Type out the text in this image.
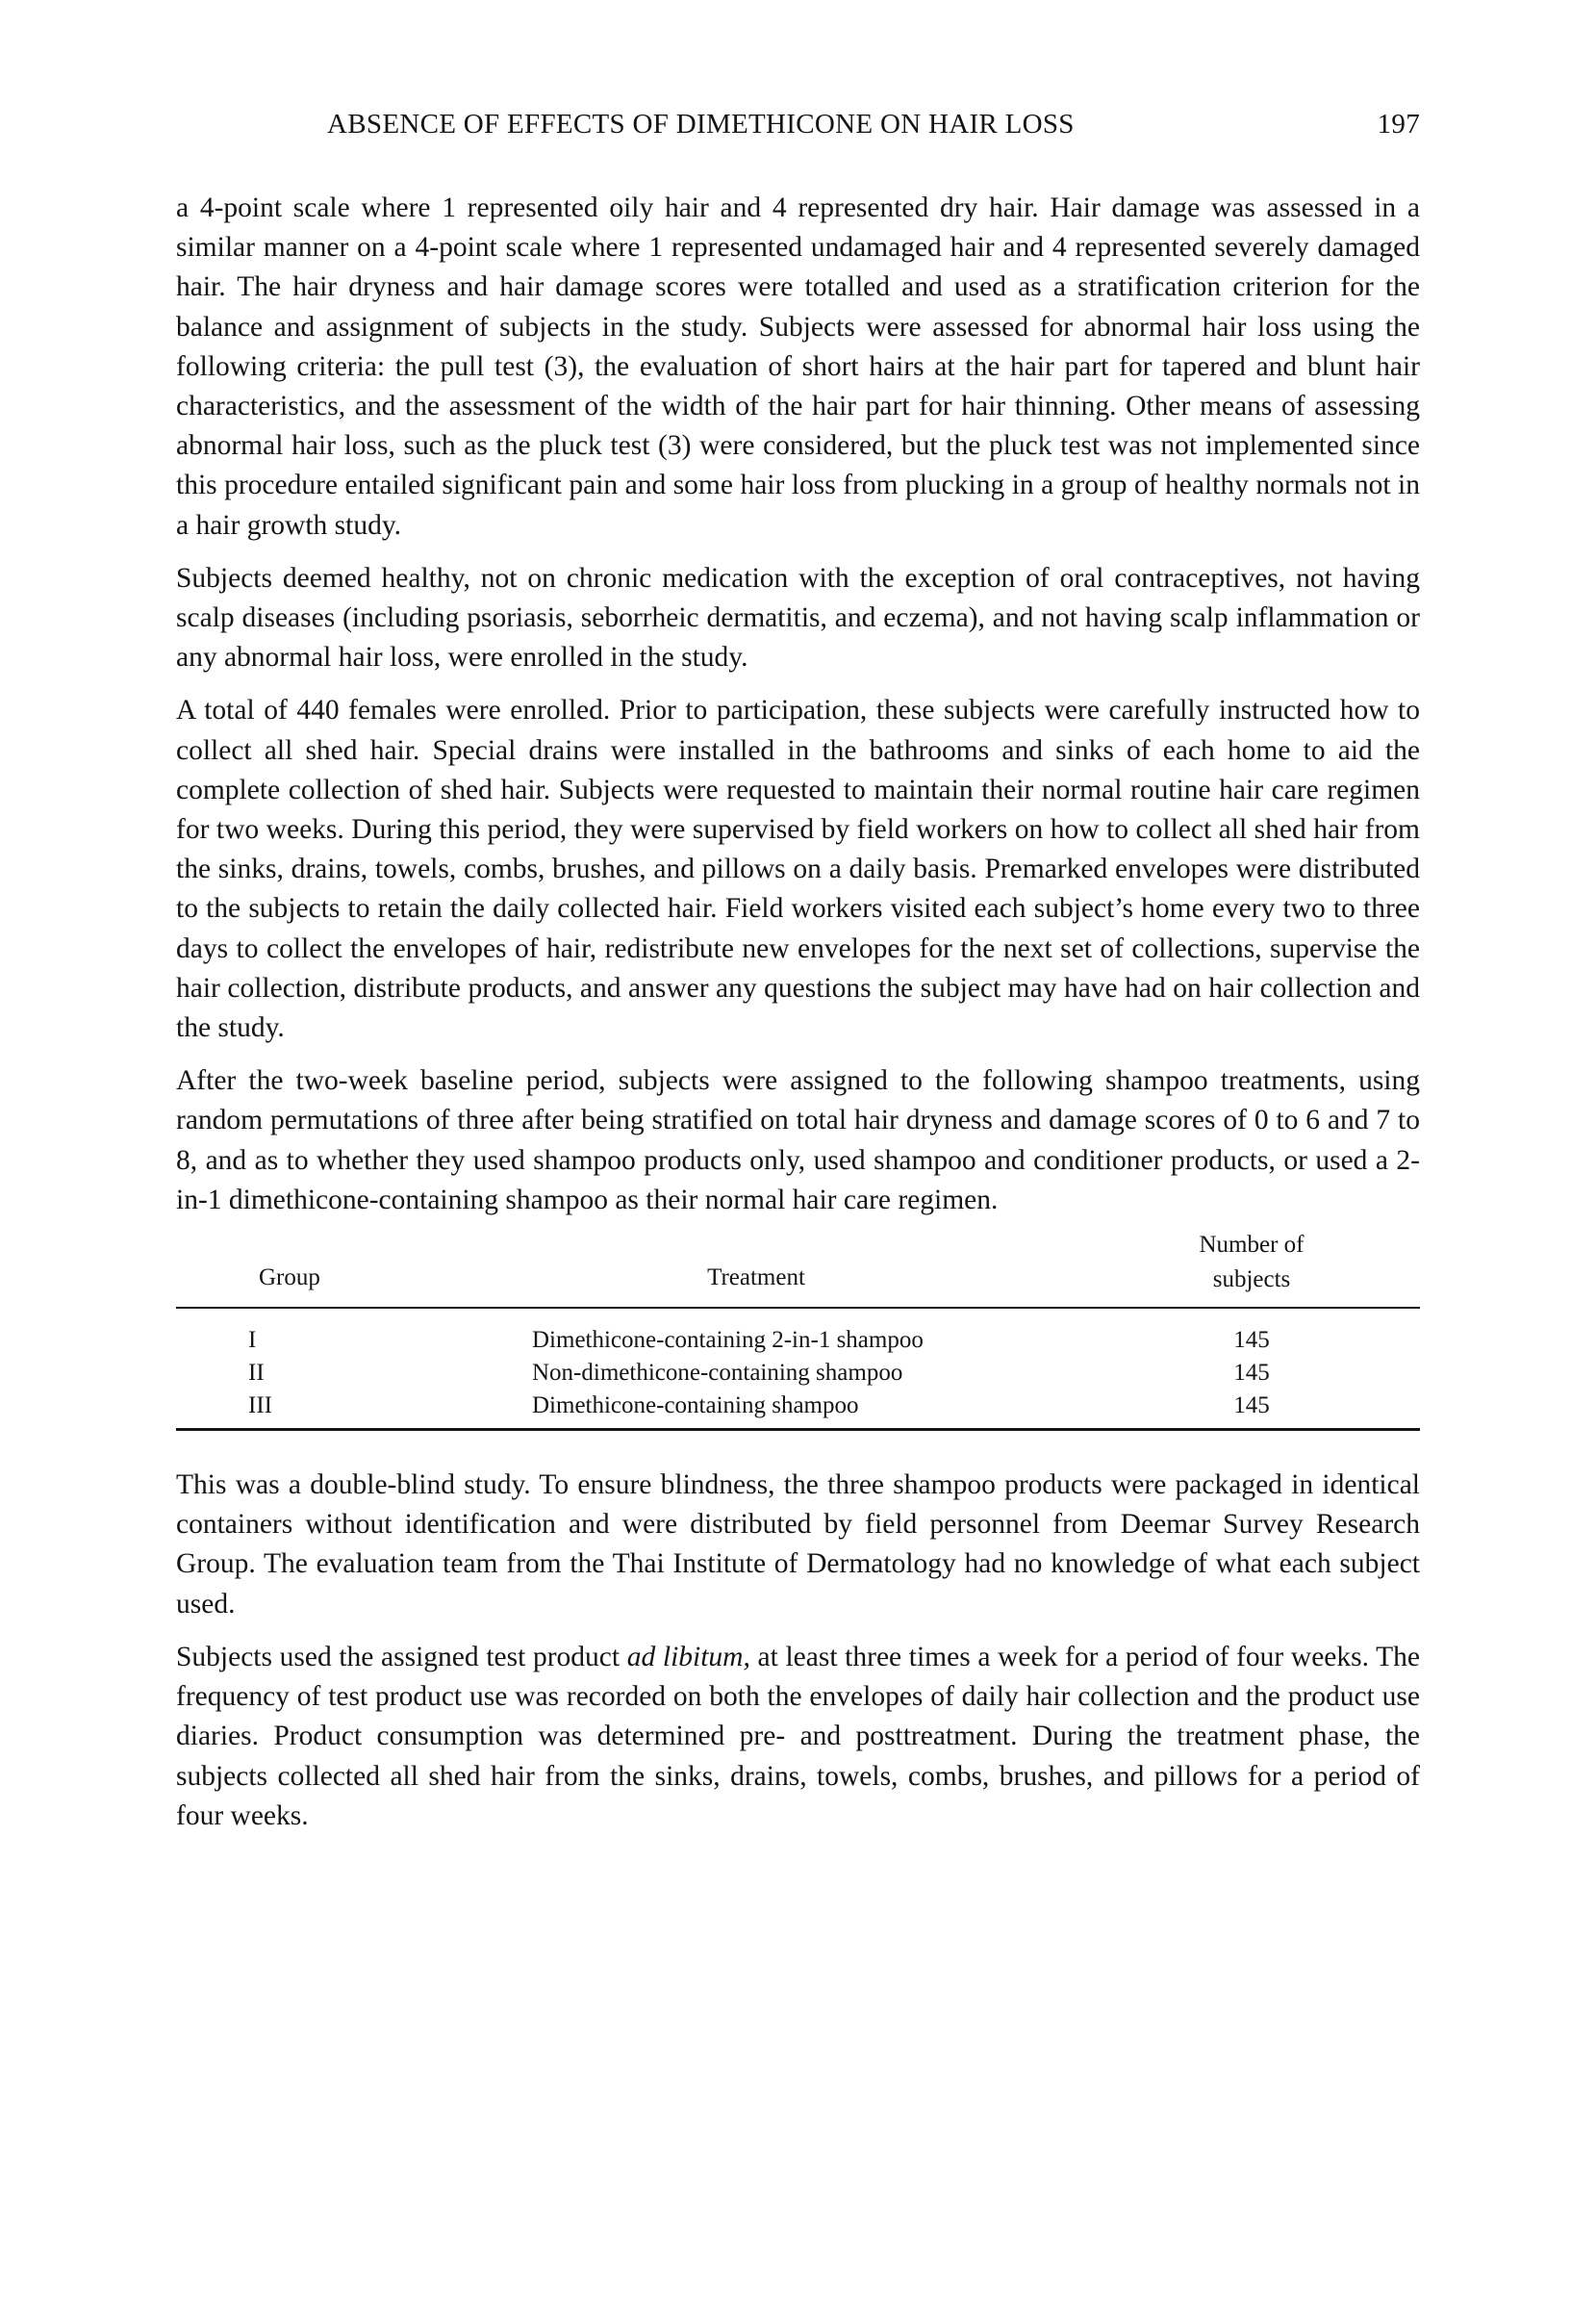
ABSENCE OF EFFECTS OF DIMETHICONE ON HAIR LOSS	197

a 4-point scale where 1 represented oily hair and 4 represented dry hair. Hair damage was assessed in a similar manner on a 4-point scale where 1 represented undamaged hair and 4 represented severely damaged hair. The hair dryness and hair damage scores were totalled and used as a stratification criterion for the balance and assignment of subjects in the study. Subjects were assessed for abnormal hair loss using the following criteria: the pull test (3), the evaluation of short hairs at the hair part for tapered and blunt hair characteristics, and the assessment of the width of the hair part for hair thinning. Other means of assessing abnormal hair loss, such as the pluck test (3) were considered, but the pluck test was not implemented since this procedure entailed significant pain and some hair loss from plucking in a group of healthy normals not in a hair growth study.

Subjects deemed healthy, not on chronic medication with the exception of oral contraceptives, not having scalp diseases (including psoriasis, seborrheic dermatitis, and eczema), and not having scalp inflammation or any abnormal hair loss, were enrolled in the study.

A total of 440 females were enrolled. Prior to participation, these subjects were carefully instructed how to collect all shed hair. Special drains were installed in the bathrooms and sinks of each home to aid the complete collection of shed hair. Subjects were requested to maintain their normal routine hair care regimen for two weeks. During this period, they were supervised by field workers on how to collect all shed hair from the sinks, drains, towels, combs, brushes, and pillows on a daily basis. Premarked envelopes were distributed to the subjects to retain the daily collected hair. Field workers visited each subject’s home every two to three days to collect the envelopes of hair, redistribute new envelopes for the next set of collections, supervise the hair collection, distribute products, and answer any questions the subject may have had on hair collection and the study.

After the two-week baseline period, subjects were assigned to the following shampoo treatments, using random permutations of three after being stratified on total hair dryness and damage scores of 0 to 6 and 7 to 8, and as to whether they used shampoo products only, used shampoo and conditioner products, or used a 2-in-1 dimethicone-containing shampoo as their normal hair care regimen.

Group	Treatment
Number of
subjects
I	Dimethicone-containing 2-in-1 shampoo	145
II	Non-dimethicone-containing shampoo	145
III	Dimethicone-containing shampoo	145

This was a double-blind study. To ensure blindness, the three shampoo products were packaged in identical containers without identification and were distributed by field personnel from Deemar Survey Research Group. The evaluation team from the Thai Institute of Dermatology had no knowledge of what each subject used.

Subjects used the assigned test product ad libitum, at least three times a week for a period of four weeks. The frequency of test product use was recorded on both the envelopes of daily hair collection and the product use diaries. Product consumption was determined pre- and posttreatment. During the treatment phase, the subjects collected all shed hair from the sinks, drains, towels, combs, brushes, and pillows for a period of four weeks.
